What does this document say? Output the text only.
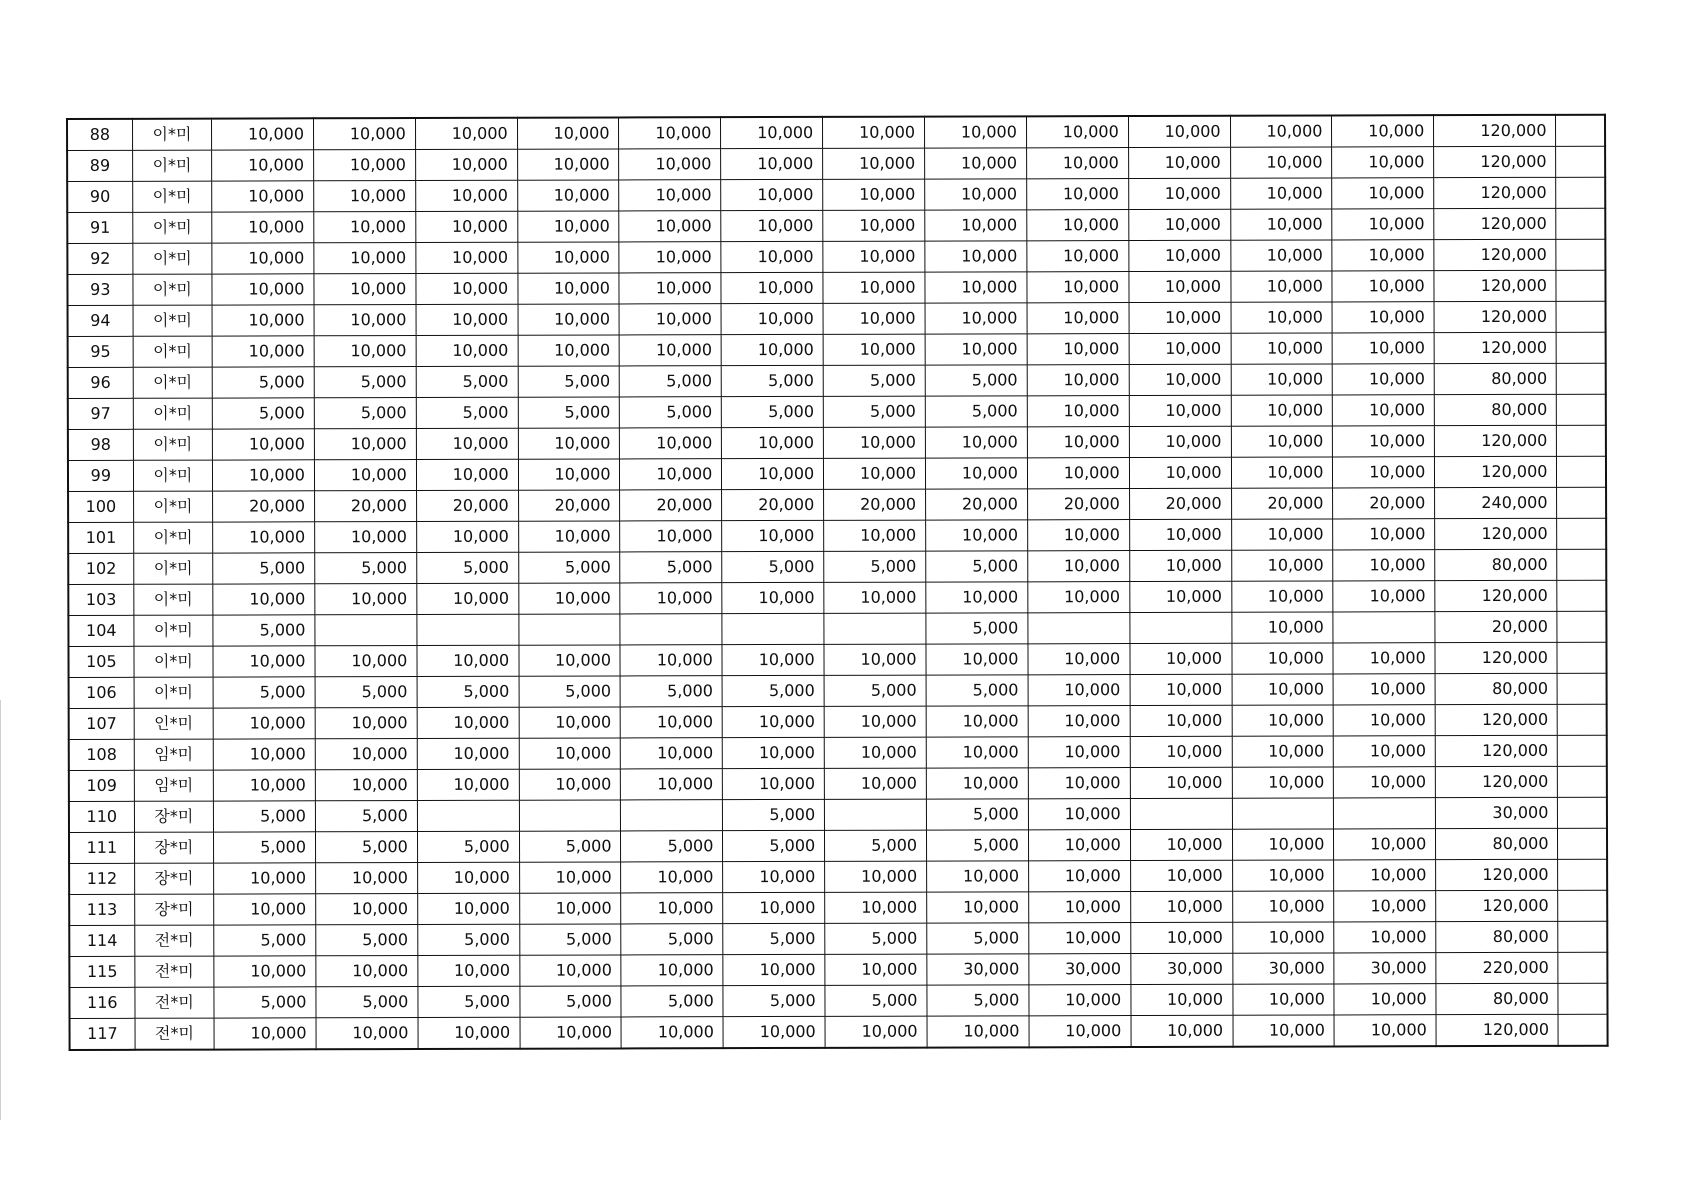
88	이*미	10,000	10,000	10,000	10,000	10,000	10,000	10,000	10,000	10,000	10,000	10,000	10,000	120,000	
89	이*미	10,000	10,000	10,000	10,000	10,000	10,000	10,000	10,000	10,000	10,000	10,000	10,000	120,000	
90	이*미	10,000	10,000	10,000	10,000	10,000	10,000	10,000	10,000	10,000	10,000	10,000	10,000	120,000	
91	이*미	10,000	10,000	10,000	10,000	10,000	10,000	10,000	10,000	10,000	10,000	10,000	10,000	120,000	
92	이*미	10,000	10,000	10,000	10,000	10,000	10,000	10,000	10,000	10,000	10,000	10,000	10,000	120,000	
93	이*미	10,000	10,000	10,000	10,000	10,000	10,000	10,000	10,000	10,000	10,000	10,000	10,000	120,000	
94	이*미	10,000	10,000	10,000	10,000	10,000	10,000	10,000	10,000	10,000	10,000	10,000	10,000	120,000	
95	이*미	10,000	10,000	10,000	10,000	10,000	10,000	10,000	10,000	10,000	10,000	10,000	10,000	120,000	
96	이*미	5,000	5,000	5,000	5,000	5,000	5,000	5,000	5,000	10,000	10,000	10,000	10,000	80,000	
97	이*미	5,000	5,000	5,000	5,000	5,000	5,000	5,000	5,000	10,000	10,000	10,000	10,000	80,000	
98	이*미	10,000	10,000	10,000	10,000	10,000	10,000	10,000	10,000	10,000	10,000	10,000	10,000	120,000	
99	이*미	10,000	10,000	10,000	10,000	10,000	10,000	10,000	10,000	10,000	10,000	10,000	10,000	120,000	
100	이*미	20,000	20,000	20,000	20,000	20,000	20,000	20,000	20,000	20,000	20,000	20,000	20,000	240,000	
101	이*미	10,000	10,000	10,000	10,000	10,000	10,000	10,000	10,000	10,000	10,000	10,000	10,000	120,000	
102	이*미	5,000	5,000	5,000	5,000	5,000	5,000	5,000	5,000	10,000	10,000	10,000	10,000	80,000	
103	이*미	10,000	10,000	10,000	10,000	10,000	10,000	10,000	10,000	10,000	10,000	10,000	10,000	120,000	
104	이*미	5,000							5,000			10,000		20,000	
105	이*미	10,000	10,000	10,000	10,000	10,000	10,000	10,000	10,000	10,000	10,000	10,000	10,000	120,000	
106	이*미	5,000	5,000	5,000	5,000	5,000	5,000	5,000	5,000	10,000	10,000	10,000	10,000	80,000	
107	인*미	10,000	10,000	10,000	10,000	10,000	10,000	10,000	10,000	10,000	10,000	10,000	10,000	120,000	
108	임*미	10,000	10,000	10,000	10,000	10,000	10,000	10,000	10,000	10,000	10,000	10,000	10,000	120,000	
109	임*미	10,000	10,000	10,000	10,000	10,000	10,000	10,000	10,000	10,000	10,000	10,000	10,000	120,000	
110	장*미	5,000	5,000				5,000		5,000	10,000				30,000	
111	장*미	5,000	5,000	5,000	5,000	5,000	5,000	5,000	5,000	10,000	10,000	10,000	10,000	80,000	
112	장*미	10,000	10,000	10,000	10,000	10,000	10,000	10,000	10,000	10,000	10,000	10,000	10,000	120,000	
113	장*미	10,000	10,000	10,000	10,000	10,000	10,000	10,000	10,000	10,000	10,000	10,000	10,000	120,000	
114	전*미	5,000	5,000	5,000	5,000	5,000	5,000	5,000	5,000	10,000	10,000	10,000	10,000	80,000	
115	전*미	10,000	10,000	10,000	10,000	10,000	10,000	10,000	30,000	30,000	30,000	30,000	30,000	220,000	
116	전*미	5,000	5,000	5,000	5,000	5,000	5,000	5,000	5,000	10,000	10,000	10,000	10,000	80,000	
117	전*미	10,000	10,000	10,000	10,000	10,000	10,000	10,000	10,000	10,000	10,000	10,000	10,000	120,000	
